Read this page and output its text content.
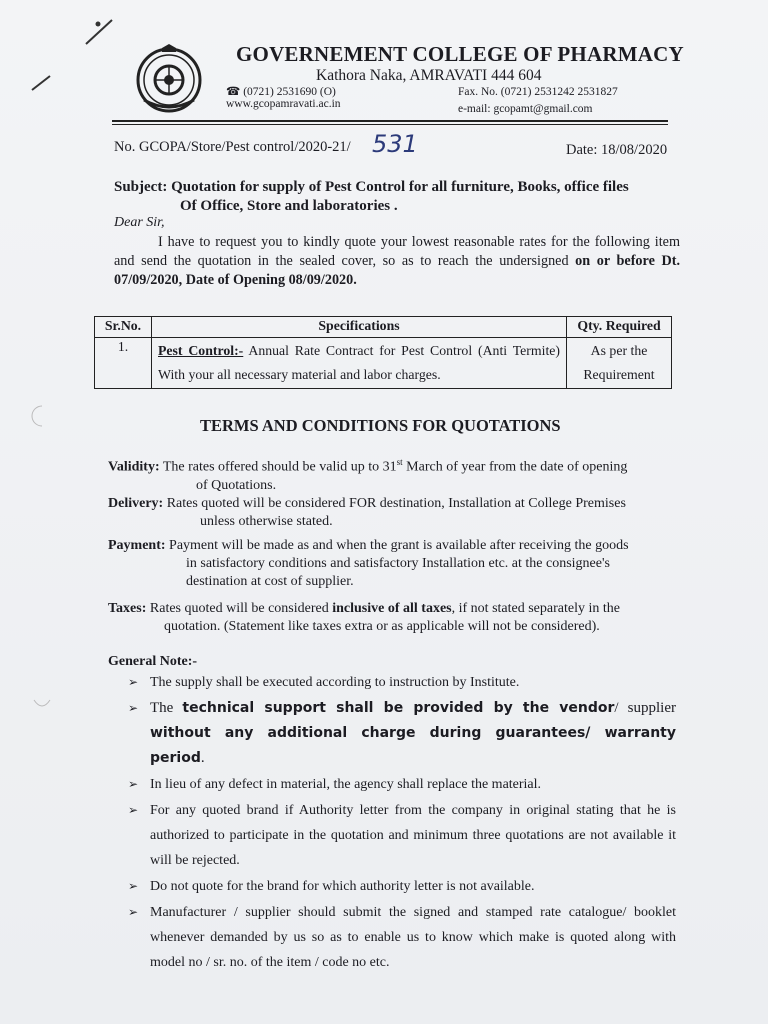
GOVERNEMENT COLLEGE OF PHARMACY
Kathora Naka, AMRAVATI 444 604
☎ (0721) 2531690 (O)
www.gcopamravati.ac.in
Fax. No. (0721) 2531242 2531827
e-mail: gcopamt@gmail.com
No. GCOPA/Store/Pest control/2020-21/ 531	Date: 18/08/2020
Subject: Quotation for supply of Pest Control for all furniture, Books, office files
Of Office, Store and laboratories .
Dear Sir,
I have to request you to kindly quote your lowest reasonable rates for the following item and send the quotation in the sealed cover, so as to reach the undersigned on or before Dt. 07/09/2020, Date of Opening 08/09/2020.
Sr.No.	Specifications	Qty. Required
1.	Pest Control:- Annual Rate Contract for Pest Control (Anti Termite) With your all necessary material and labor charges.	As per the Requirement
TERMS AND CONDITIONS FOR QUOTATIONS
Validity: The rates offered should be valid up to 31st March of year from the date of opening
of Quotations.
Delivery: Rates quoted will be considered FOR destination, Installation at College Premises
unless otherwise stated.
Payment: Payment will be made as and when the grant is available after receiving the goods
in satisfactory conditions and satisfactory Installation etc. at the consignee's
destination at cost of supplier.
Taxes: Rates quoted will be considered inclusive of all taxes, if not stated separately in the
quotation. (Statement like taxes extra or as applicable will not be considered).
General Note:-
➢ The supply shall be executed according to instruction by Institute.
➢ The technical support shall be provided by the vendor/ supplier without any additional charge during guarantees/ warranty period.
➢ In lieu of any defect in material, the agency shall replace the material.
➢ For any quoted brand if Authority letter from the company in original stating that he is authorized to participate in the quotation and minimum three quotations are not available it will be rejected.
➢ Do not quote for the brand for which authority letter is not available.
➢ Manufacturer / supplier should submit the signed and stamped rate catalogue/ booklet whenever demanded by us so as to enable us to know which make is quoted along with model no / sr. no. of the item / code no etc.
